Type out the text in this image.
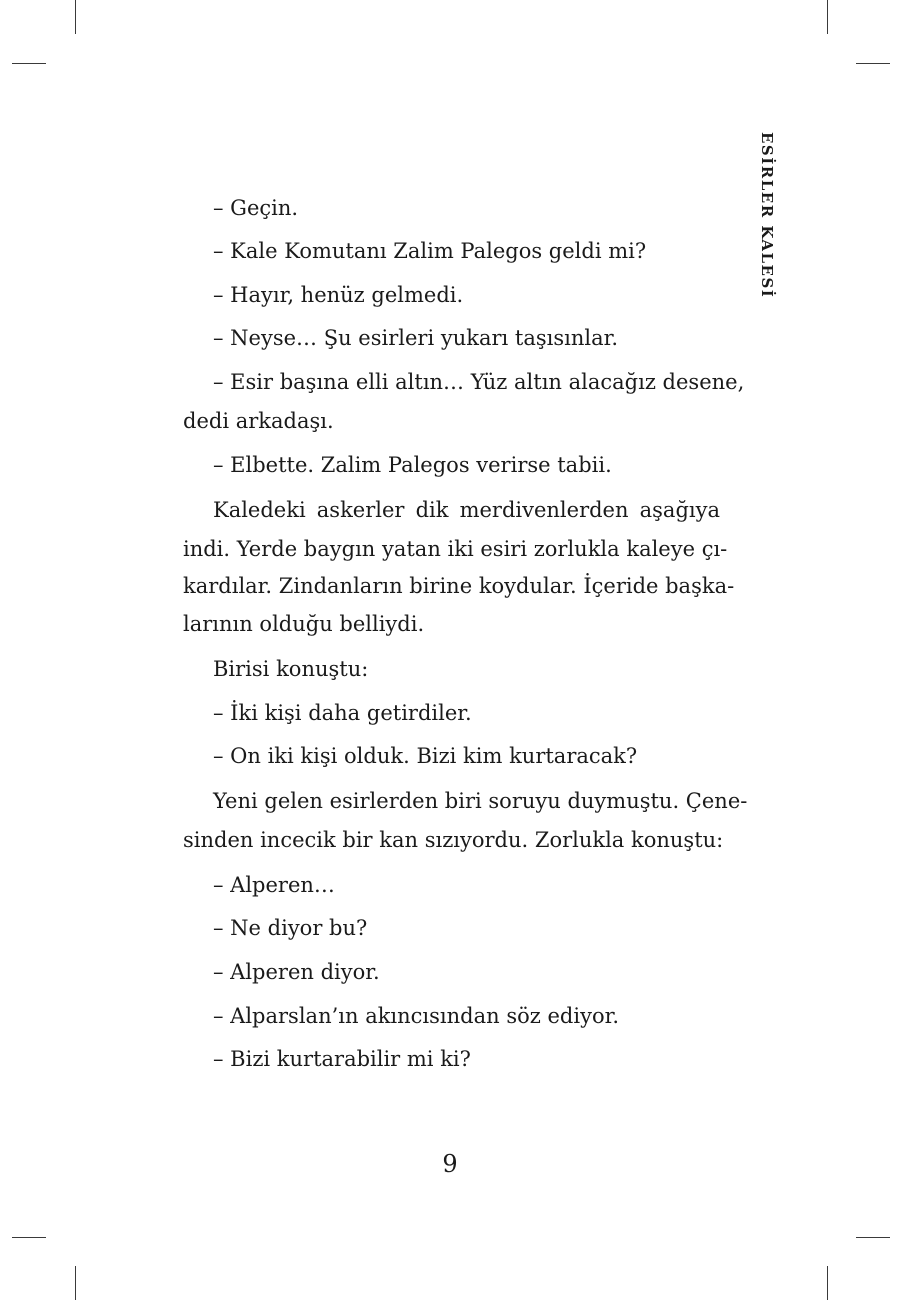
ESİRLER KALESİ
– Geçin.
– Kale Komutanı Zalim Palegos geldi mi?
– Hayır, henüz gelmedi.
– Neyse… Şu esirleri yukarı taşısınlar.
– Esir başına elli altın… Yüz altın alacağız desene,
dedi arkadaşı.
– Elbette. Zalim Palegos verirse tabii.
Kaledeki askerler dik merdivenlerden aşağıya
indi. Yerde baygın yatan iki esiri zorlukla kaleye çı-
kardılar. Zindanların birine koydular. İçeride başka-
larının olduğu belliydi.
Birisi konuştu:
– İki kişi daha getirdiler.
– On iki kişi olduk. Bizi kim kurtaracak?
Yeni gelen esirlerden biri soruyu duymuştu. Çene-
sinden incecik bir kan sızıyordu. Zorlukla konuştu:
– Alperen…
– Ne diyor bu?
– Alperen diyor.
– Alparslan’ın akıncısından söz ediyor.
– Bizi kurtarabilir mi ki?
9
